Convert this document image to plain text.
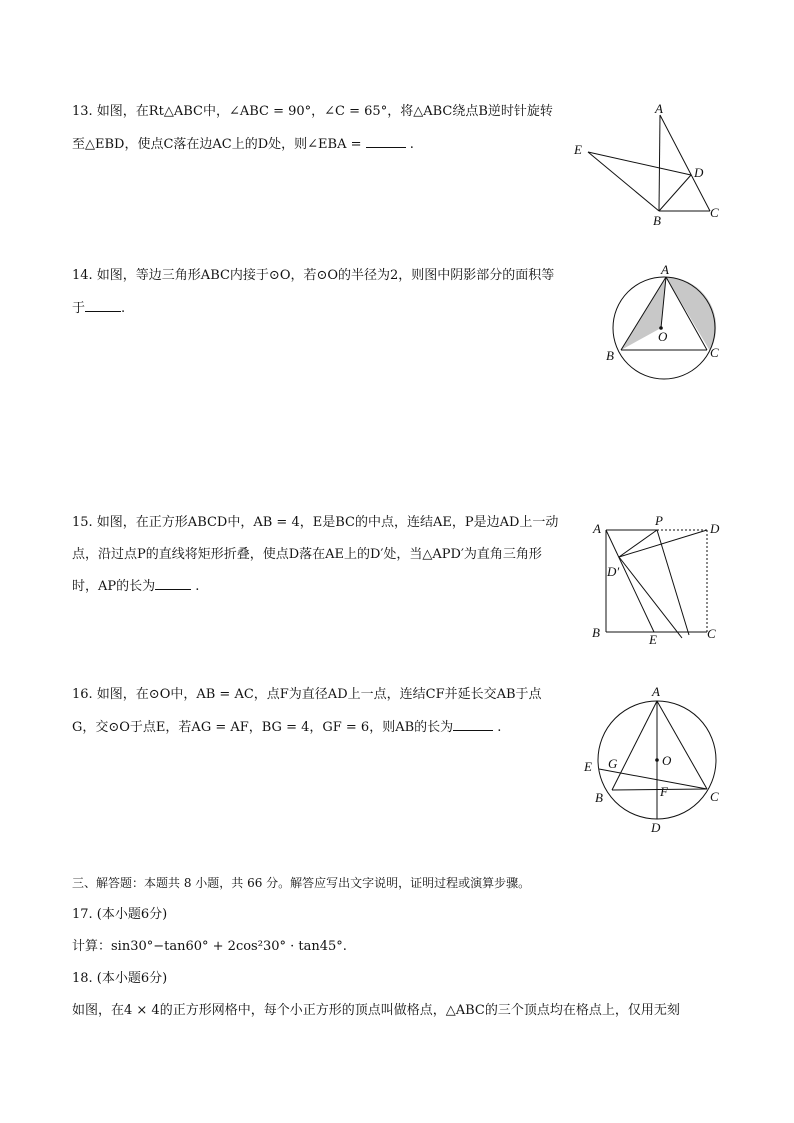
13. 如图，在Rt△ABC中，∠ABC = 90°，∠C = 65°，将△ABC绕点B逆时针旋转
至△EBD，使点C落在边AC上的D处，则∠EBA =	.
A
E
D
B
C
14. 如图，等边三角形ABC内接于⊙O，若⊙O的半径为2，则图中阴影部分的面积等
于	.
A
O
B	C
15. 如图，在正方形ABCD中，AB = 4，E是BC的中点，连结AE，P是边AD上一动
点，沿过点P的直线将矩形折叠，使点D落在AE上的D′处，当△APD′为直角三角形
时，AP的长为	.
A
P
D
D′
B	E	C
16. 如图，在⊙O中，AB = AC，点F为直径AD上一点，连结CF并延长交AB于点
G，交⊙O于点E，若AG = AF，BG = 4，GF = 6，则AB的长为	.
A
G	O
E
B	F	C
D
三、解答题：本题共 8 小题，共 66 分。解答应写出文字说明，证明过程或演算步骤。
17. (本小题6分)
计算：sin30°−tan60° + 2cos²30° · tan45°.
18. (本小题6分)
如图，在4 × 4的正方形网格中，每个小正方形的顶点叫做格点，△ABC的三个顶点均在格点上，仅用无刻
